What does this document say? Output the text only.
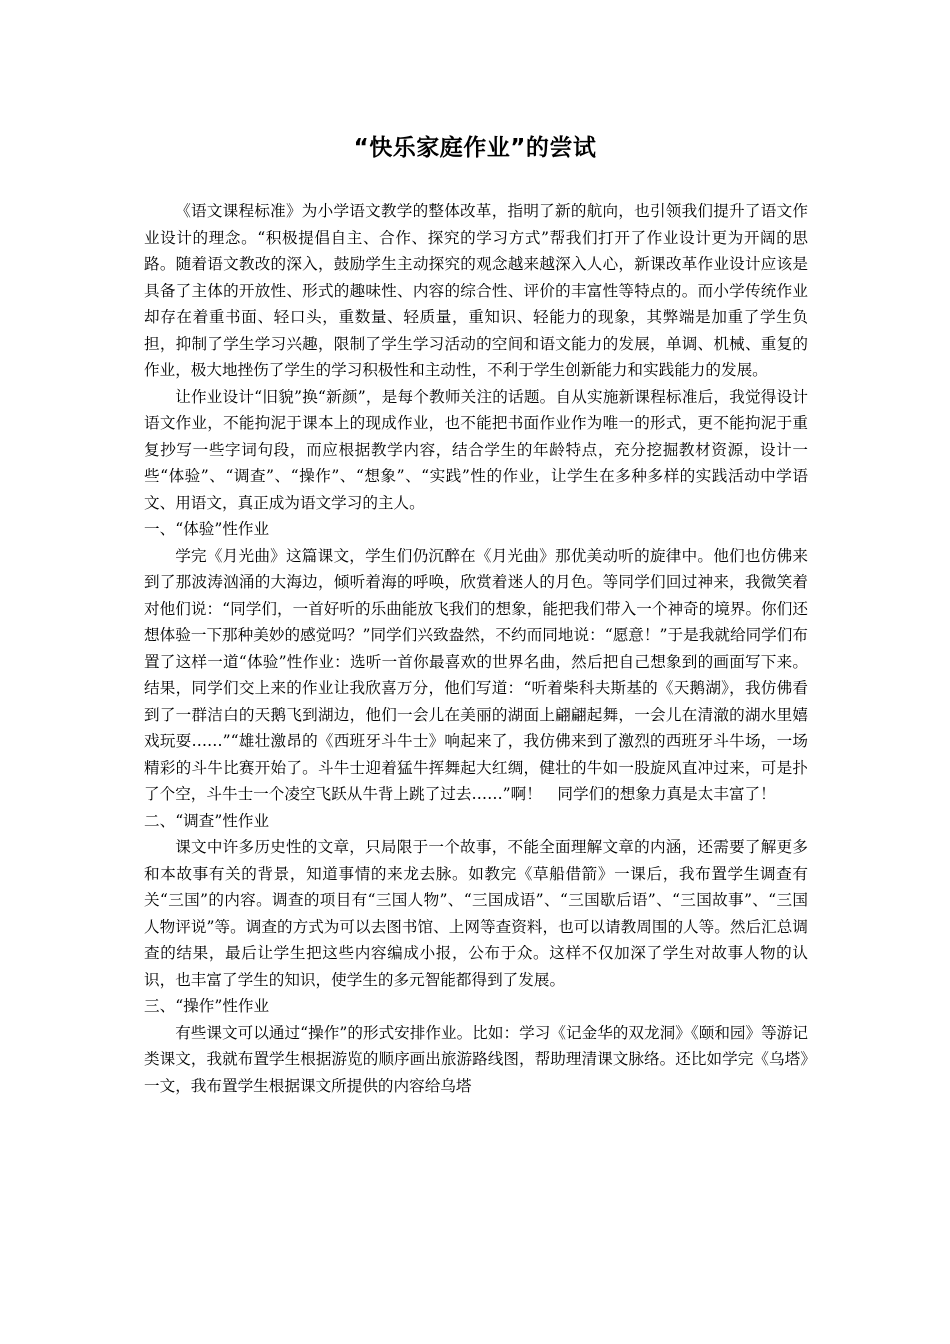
“快乐家庭作业”的尝试

《语文课程标准》为小学语文教学的整体改革，指明了新的航向，也引领我们提升了语文作业设计的理念。“积极提倡自主、合作、探究的学习方式”帮我们打开了作业设计更为开阔的思路。随着语文教改的深入，鼓励学生主动探究的观念越来越深入人心，新课改革作业设计应该是具备了主体的开放性、形式的趣味性、内容的综合性、评价的丰富性等特点的。而小学传统作业却存在着重书面、轻口头，重数量、轻质量，重知识、轻能力的现象，其弊端是加重了学生负担，抑制了学生学习兴趣，限制了学生学习活动的空间和语文能力的发展，单调、机械、重复的作业，极大地挫伤了学生的学习积极性和主动性，不利于学生创新能力和实践能力的发展。

让作业设计“旧貌”换“新颜”，是每个教师关注的话题。自从实施新课程标准后，我觉得设计语文作业，不能拘泥于课本上的现成作业，也不能把书面作业作为唯一的形式，更不能拘泥于重复抄写一些字词句段，而应根据教学内容，结合学生的年龄特点，充分挖掘教材资源，设计一些“体验”、“调查”、“操作”、“想象”、“实践”性的作业，让学生在多种多样的实践活动中学语文、用语文，真正成为语文学习的主人。

一、“体验”性作业

学完《月光曲》这篇课文，学生们仍沉醉在《月光曲》那优美动听的旋律中。他们也仿佛来到了那波涛汹涌的大海边，倾听着海的呼唤，欣赏着迷人的月色。等同学们回过神来，我微笑着对他们说：“同学们，一首好听的乐曲能放飞我们的想象，能把我们带入一个神奇的境界。你们还想体验一下那种美妙的感觉吗？”同学们兴致盎然，不约而同地说：“愿意！”于是我就给同学们布置了这样一道“体验”性作业：选听一首你最喜欢的世界名曲，然后把自己想象到的画面写下来。结果，同学们交上来的作业让我欣喜万分，他们写道：“听着柴科夫斯基的《天鹅湖》，我仿佛看到了一群洁白的天鹅飞到湖边，他们一会儿在美丽的湖面上翩翩起舞，一会儿在清澈的湖水里嬉戏玩耍……”“雄壮激昂的《西班牙斗牛士》响起来了，我仿佛来到了激烈的西班牙斗牛场，一场精彩的斗牛比赛开始了。斗牛士迎着猛牛挥舞起大红绸，健壮的牛如一股旋风直冲过来，可是扑了个空，斗牛士一个凌空飞跃从牛背上跳了过去……”啊！　同学们的想象力真是太丰富了！

二、“调查”性作业

课文中许多历史性的文章，只局限于一个故事，不能全面理解文章的内涵，还需要了解更多和本故事有关的背景，知道事情的来龙去脉。如教完《草船借箭》一课后，我布置学生调查有关“三国”的内容。调查的项目有“三国人物”、“三国成语”、“三国歇后语”、“三国故事”、“三国人物评说”等。调查的方式为可以去图书馆、上网等查资料，也可以请教周围的人等。然后汇总调查的结果，最后让学生把这些内容编成小报，公布于众。这样不仅加深了学生对故事人物的认识，也丰富了学生的知识，使学生的多元智能都得到了发展。

三、“操作”性作业

有些课文可以通过“操作”的形式安排作业。比如：学习《记金华的双龙洞》《颐和园》等游记类课文，我就布置学生根据游览的顺序画出旅游路线图，帮助理清课文脉络。还比如学完《乌塔》一文，我布置学生根据课文所提供的内容给乌塔
